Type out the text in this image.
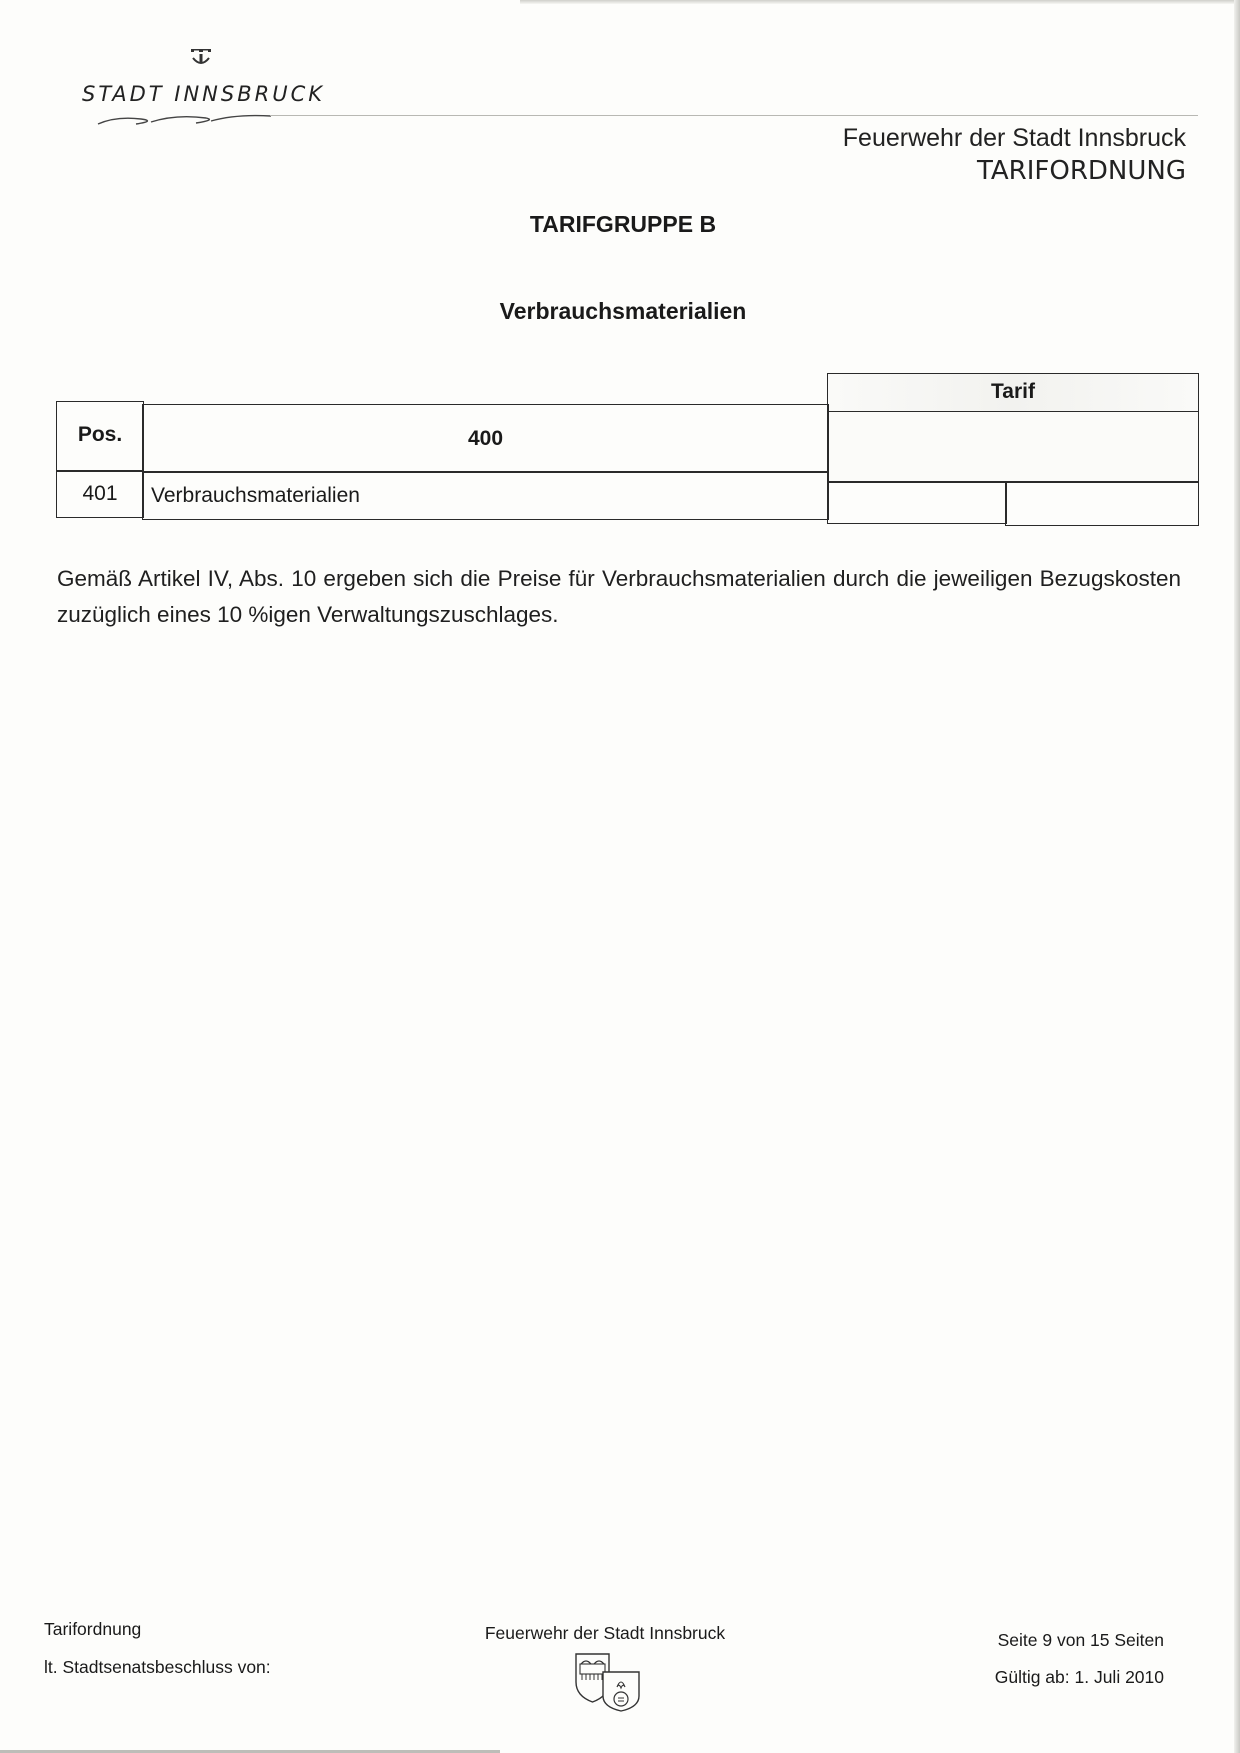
STADT INNSBRUCK
Feuerwehr der Stadt Innsbruck
TARIFORDNUNG
TARIFGRUPPE B
Verbrauchsmaterialien
Tarif
Pos.	400
401	Verbrauchsmaterialien
Gemäß Artikel IV, Abs. 10 ergeben sich die Preise für Verbrauchsmaterialien durch die jeweiligen Bezugskosten zuzüglich eines 10 %igen Verwaltungszuschlages.
Tarifordnung
lt. Stadtsenatsbeschluss von:
Feuerwehr der Stadt Innsbruck	Seite 9 von 15 Seiten
Gültig ab: 1. Juli 2010
